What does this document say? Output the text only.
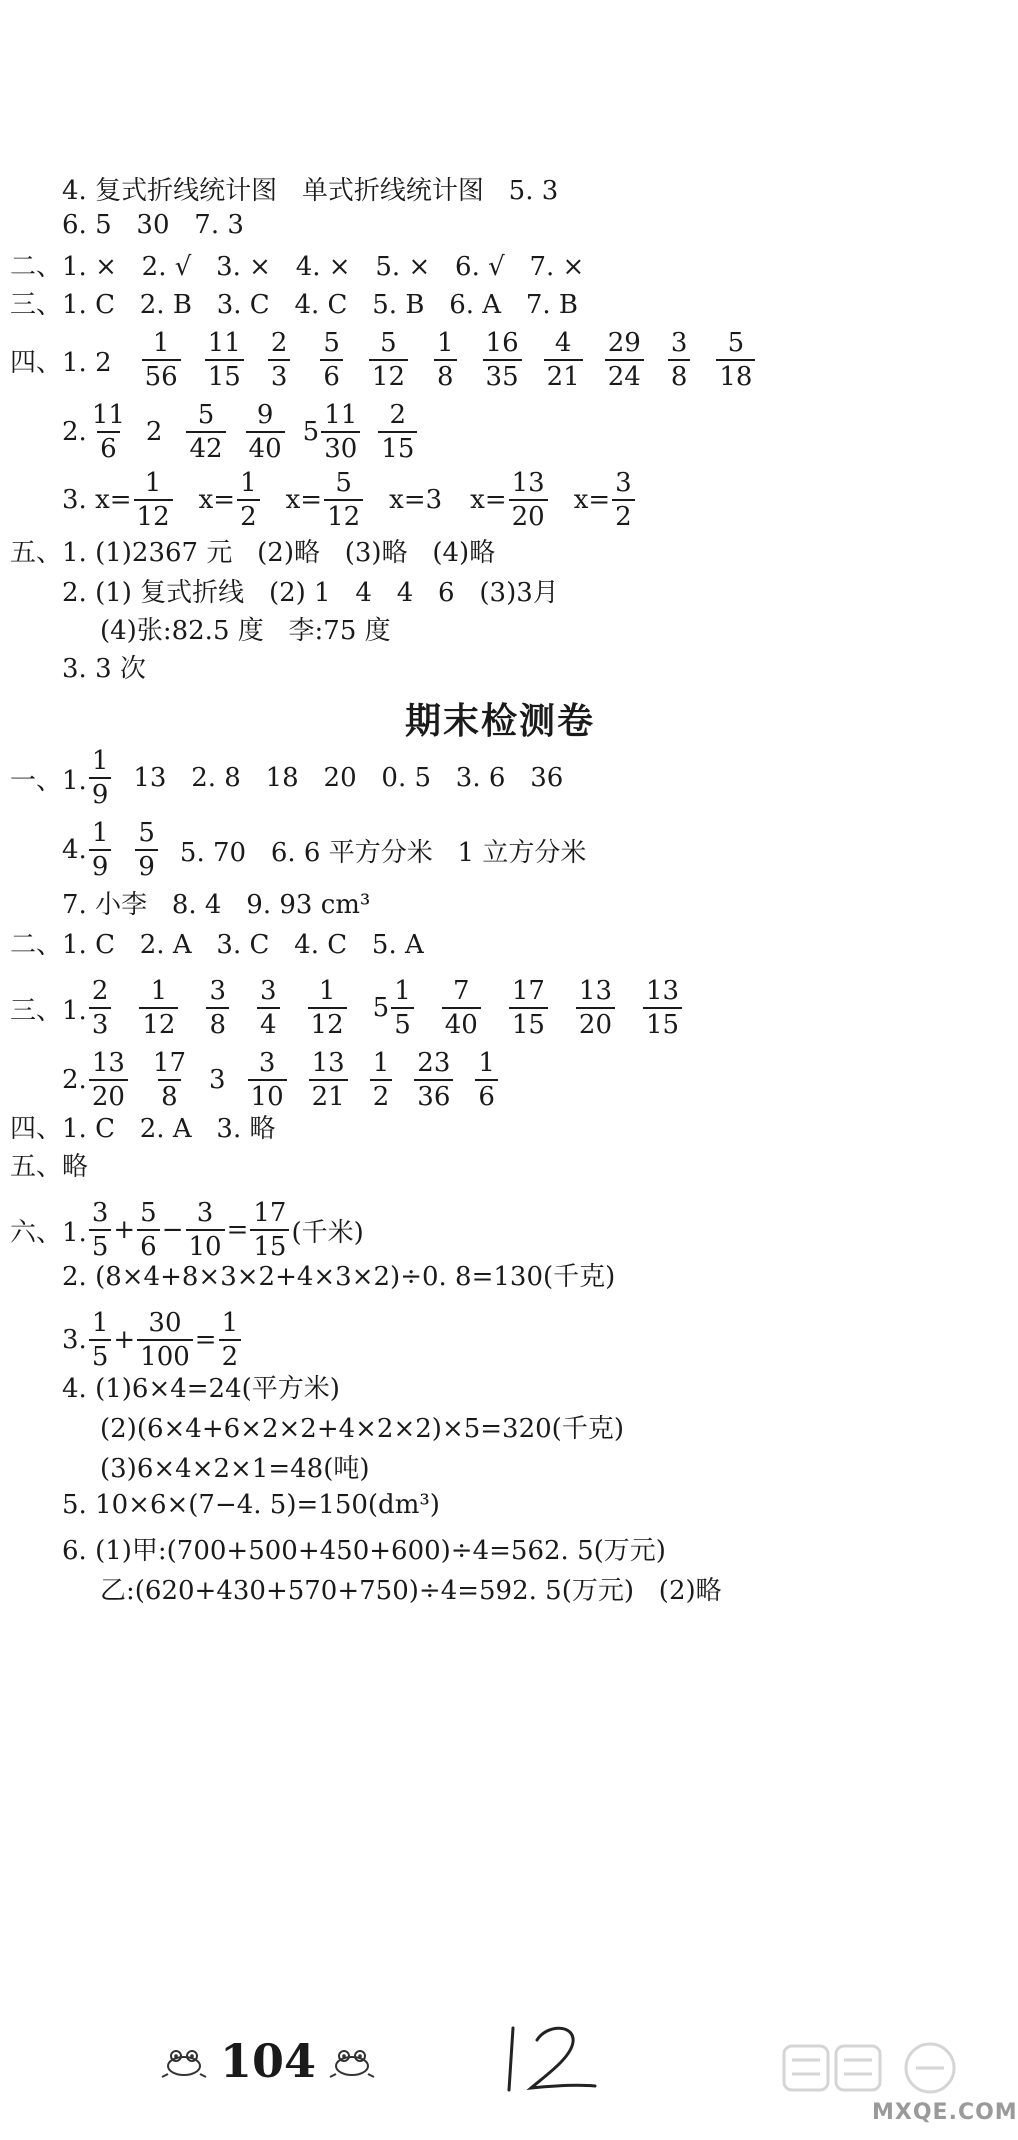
4. 复式折线统计图   单式折线统计图   5. 3
6. 5   30   7. 3
二、1. ×   2. √   3. ×   4. ×   5. ×   6. √   7. ×
三、1. C   2. B   3. C   4. C   5. B   6. A   7. B
四、1. $2 \frac{1}{56} \frac{11}{15} \frac{2}{3} \frac{5}{6} \frac{5}{12} \frac{1}{8} \frac{16}{35} \frac{4}{21} \frac{29}{24} \frac{3}{8} \frac{5}{18}$
2. $\frac{11}{6} 2 \frac{5}{42} \frac{9}{40} 5 \frac{11}{30} \frac{2}{15}$
3. $x= \frac{1}{12} x= \frac{1}{2} x= \frac{5}{12} x=3$ $x= \frac{13}{20} x= \frac{3}{2}$
五、1. (1)2367 元   (2)略   (3)略   (4)略
2. (1) 复式折线   (2) 1   4   4   6   (3)3月
(4)张:82.5 度   李:75 度
3. 3 次
一、1. $\frac{1}{9} 13$   2. 8   18   20   0. 5   3. 6   36
4. $\frac{1}{9} \frac{5}{9} 5$. 70   6. 6 平方分米   1 立方分米
7. 小李   8. 4   9. 93 cm³
二、1. C   2. A   3. C   4. C   5. A
三、1. $\frac{2}{3} \frac{1}{12} \frac{3}{8} \frac{3}{4} \frac{1}{12} 5 \frac{1}{5} \frac{7}{40} \frac{17}{15} \frac{13}{20} \frac{13}{15}$
2. $\frac{13}{20} \frac{17}{8} 3 \frac{3}{10} \frac{13}{21} \frac{1}{2} \frac{23}{36} \frac{1}{6}$
四、1. C   2. A   3. 略
五、略
六、1. $\frac{3}{5} + \frac{5}{6} - \frac{3}{10} = \frac{17}{15}$ (千米)
2. (8×4+8×3×2+4×3×2)÷0. 8=130(千克)
3. $\frac{1}{5} + \frac{30}{100} = \frac{1}{2}$
4. (1)6×4=24(平方米)
(2)(6×4+6×2×2+4×2×2)×5=320(千克)
(3)6×4×2×1=48(吨)
5. 10×6×(7−4. 5)=150(dm³)
6. (1)甲:(700+500+450+600)÷4=562. 5(万元)
乙:(620+430+570+750)÷4=592. 5(万元)   (2)略
期末检测卷
104
MXQE.COM
